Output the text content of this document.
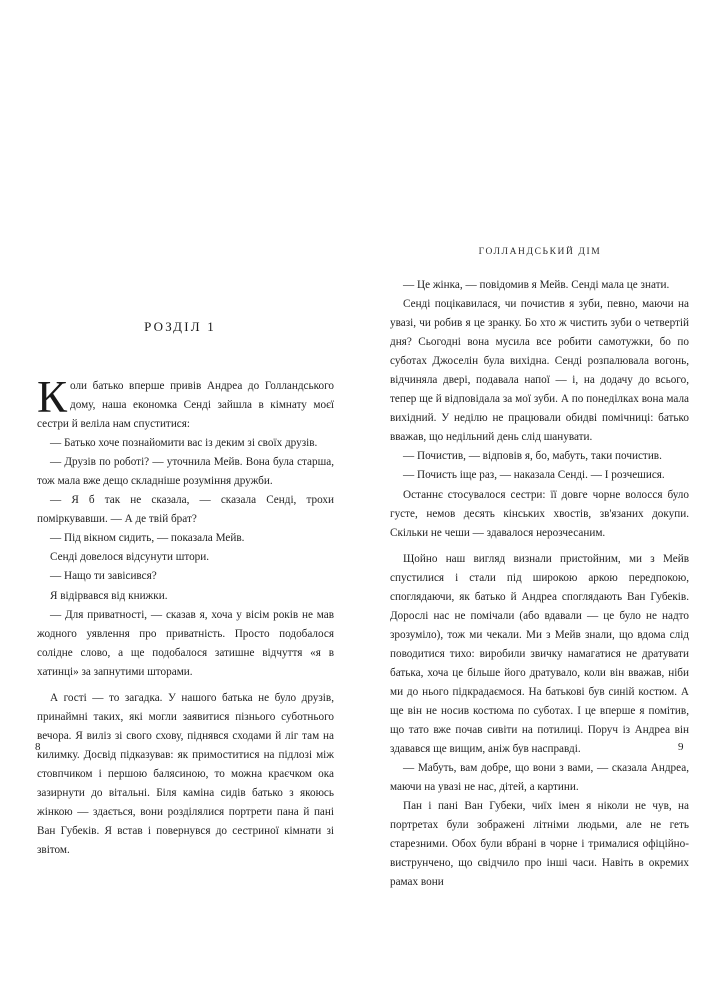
РОЗДІЛ 1

Коли батько вперше привів Андреа до Голландського дому, наша економка Сенді зайшла в кімнату моєї сестри й веліла нам спуститися:

— Батько хоче познайомити вас із деким зі своїх друзів.

— Друзів по роботі? — уточнила Мейв. Вона була старша, тож мала вже дещо складніше розуміння дружби.

— Я б так не сказала, — сказала Сенді, трохи поміркувавши. — А де твій брат?

— Під вікном сидить, — показала Мейв.

Сенді довелося відсунути штори.

— Нащо ти завісився?

Я відірвався від книжки.

— Для приватності, — сказав я, хоча у вісім років не мав жодного уявлення про приватність. Просто подобалося солідне слово, а ще подобалося затишне відчуття «я в хатинці» за запнутими шторами.

А гості — то загадка. У нашого батька не було друзів, принаймні таких, які могли заявитися пізнього суботнього вечора. Я виліз зі свого схову, піднявся сходами й ліг там на килимку. Досвід підказував: як примоститися на підлозі між стовпчиком і першою балясиною, то можна краєчком ока зазирнути до вітальні. Біля каміна сидів батько з якоюсь жінкою — здається, вони розділялися портрети пана й пані Ван Губеків. Я встав і повернувся до сестриної кімнати зі звітом.

8
ГОЛЛАНДСЬКИЙ ДІМ

— Це жінка, — повідомив я Мейв. Сенді мала це знати.

Сенді поцікавилася, чи почистив я зуби, певно, маючи на увазі, чи робив я це зранку. Бо хто ж чистить зуби о четвертій дня? Сьогодні вона мусила все робити самотужки, бо по суботах Джоселін була вихідна. Сенді розпалювала вогонь, відчиняла двері, подавала напої — і, на додачу до всього, тепер ще й відповідала за мої зуби. А по понеділках вона мала вихідний. У неділю не працювали обидві помічниці: батько вважав, що недільний день слід шанувати.

— Почистив, — відповів я, бо, мабуть, таки почистив.

— Почисть іще раз, — наказала Сенді. — І розчешися.

Останнє стосувалося сестри: її довге чорне волосся було густе, немов десять кінських хвостів, зв'язаних докупи. Скільки не чеши — здавалося нерозчесаним.

Щойно наш вигляд визнали пристойним, ми з Мейв спустилися і стали під широкою аркою передпокою, споглядаючи, як батько й Андреа споглядають Ван Губеків. Дорослі нас не помічали (або вдавали — це було не надто зрозуміло), тож ми чекали. Ми з Мейв знали, що вдома слід поводитися тихо: виробили звичку намагатися не дратувати батька, хоча це більше його дратувало, коли він вважав, ніби ми до нього підкрадаємося. На батькові був синій костюм. А ще він не носив костюма по суботах. І це вперше я помітив, що тато вже почав сивіти на потилиці. Поруч із Андреа він здавався ще вищим, аніж був насправді.

— Мабуть, вам добре, що вони з вами, — сказала Андреа, маючи на увазі не нас, дітей, а картини.

Пан і пані Ван Губеки, чиїх імен я ніколи не чув, на портретах були зображені літніми людьми, але не геть старезними. Обох були вбрані в чорне і трималися офіційно-виструнчено, що свідчило про інші часи. Навіть в окремих рамах вони

9
